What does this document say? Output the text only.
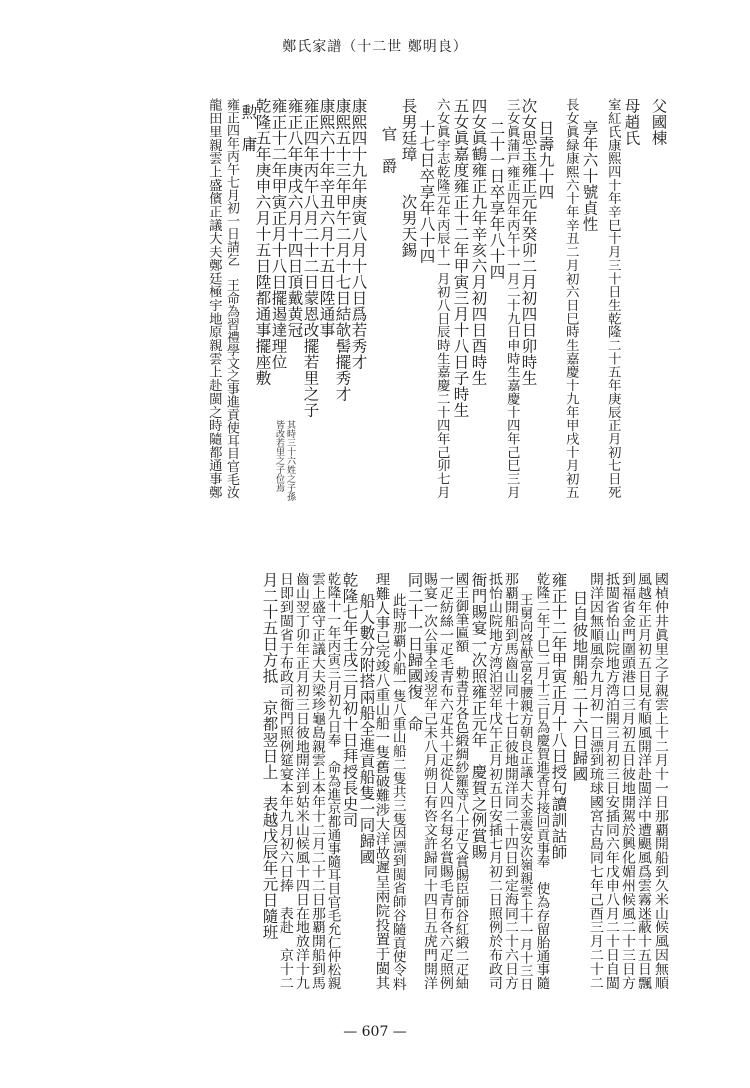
鄭氏家譜（十二世 鄭明良）
父國棟
母趙氏
室紅氏康熙四十年辛巳十月三十日生乾隆二十五年庚辰正月初七日死
享年六十號貞性
長女眞緑康熙六十年辛丑二月初六日巳時生嘉慶十九年甲戌十月初五
日壽九十四
次女思玉雍正元年癸卯二月初四日卯時生
三女眞蒲戸雍正四年丙午十一月二十九日申時生嘉慶十四年己巳三月
二十一日卒享年八十四
四女眞鶴雍正九年辛亥六月初四日酉時生
五女眞嘉度雍正十二年甲寅三月十八日子時生
六女眞宇志乾隆元年丙辰十一月初八日辰時生嘉慶二十四年己卯七月
十七日卒享年八十四
長男廷璋　　次男天錫
官　爵
康熙四十九年庚寅八月十八日爲若秀才
康熙五十三年甲午二月十七日結欹髻擺秀才
康熙六十年辛丑六月十五日陞通事
雍正四年丙午八月二十二日蒙恩改擺若里之子
雍正八年庚戌六月十四日頂戴黄冠
雍正十二年甲寅正月十八日擺遏達理位
乾隆五年庚申六月十五日陞都通事擺座敷
勲　庸
雍正四年丙午七月初一日請乞　王命為習禮學文之事進貢使耳目官毛汝
龍田里親雲上盛儐正議大夫鄭廷極宇地原親雲上赴閩之時隨都通事鄭	其時三十六姓之子孫
皆改若里之子位焉
國楨仲井眞里之子親雲上十二月十一日那覇開船到久米山候風因無順
風越年正月初五日見有順風開洋赴閩洋中遭颶風爲雲霧迷蔽十五日飄
到福省金門圍頭港口三月初五日彼地開駕於興化媚州候風二十三日方
抵閩省怡山院地方湾泊開三月初三日安插同六年戊申八月二十日自閩
開洋因無順風奈九月初一日漂到琉球國宮古島同七年己酉三月二十二
日自彼地開船二十六日歸國
雍正十二年甲寅正月十八日授句讀訓詁師
乾隆二年丁巳二月十三日為慶賀進香并接回貢事奉　使為存留胎通事隨
王舅向啓猷富名腰親方朝良正議大夫金震安次嶺親雲上十一月十三日
那覇開船到馬齒山同十七日彼地開洋同二十四日到定海同二十六日方
抵怡山院地方湾泊翌年戊午正月初五日安插七月初二日照例於布政司
衙門賜宴一次照雍正元年　慶賀之例賞賜
國王御筆匾額　勅書并各色緞綢紗羅等八十疋又賞賜臣師谷紅緞二疋紬
一疋紡絲一疋毛青布六疋共十疋從人四名每名賞賜毛青布各六疋照例
賜宴一次公事全竣翌年己未八月朔日有咨文許歸同十四日五虎門開洋
同二十一日歸國復　命
此時那覇小船一隻八重山船二隻共三隻因漂到閩省師谷隨貢使令料
理難人事已完竣八重山船一隻舊破難涉大洋故遲呈兩院投置于閩其
船人數分附搭兩船全進貢船隻一同歸國
乾隆七年壬戌三月初十日拜授長史司
乾隆十一年丙寅三月初九日奉　命為進京都通事隨耳目官毛允仁仲松親
雲上盛守正議大夫梁珍龜島親雲上本年十二月二十二日那覇開船到馬
齒山翌丁卯年正月初三日彼地開洋到姑米山候風十四日在地放洋十九
日即到閩省于布政司衙門照例筵宴本年九月初六日捧　表赴　京十二
月二十五日方抵　京都翌日上　表越戊辰年元日隨班
— 607 —
